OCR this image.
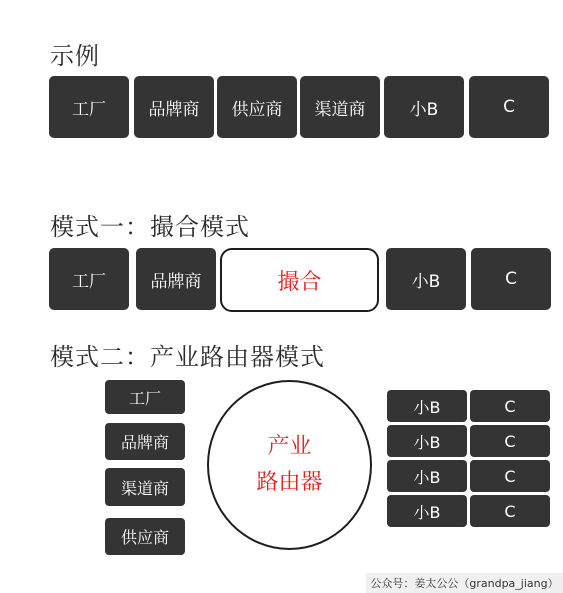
示例
工厂	品牌商	供应商	渠道商	小B	C
模式一：撮合模式
工厂	品牌商	撮合	小B	C
模式二：产业路由器模式
工厂
品牌商
渠道商
供应商
产业
路由器
小B	C
小B	C
小B	C
小B	C
公众号：姜太公公（grandpa_jiang）
